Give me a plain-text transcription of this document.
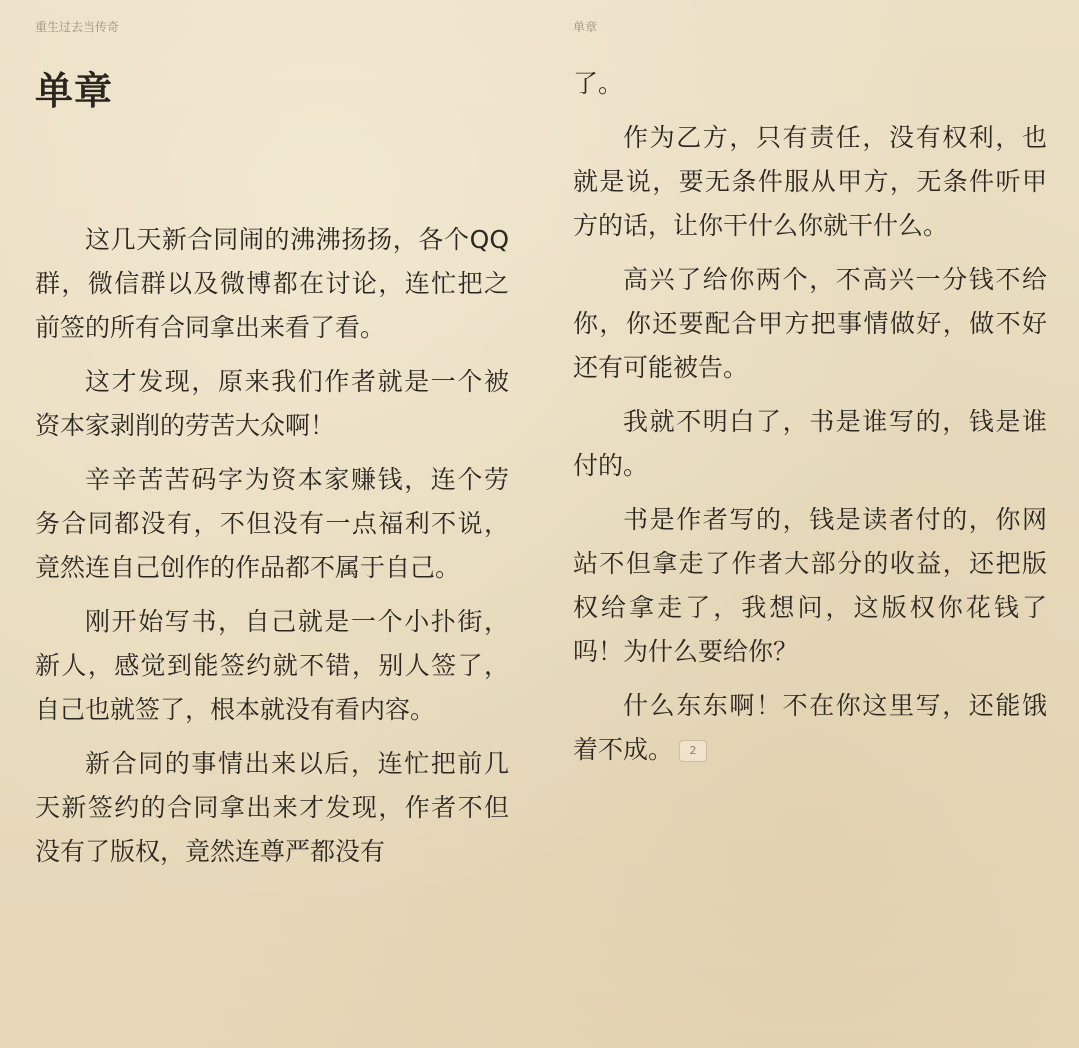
重生过去当传奇
单章

这几天新合同闹的沸沸扬扬，各个QQ群，微信群以及微博都在讨论，连忙把之前签的所有合同拿出来看了看。

这才发现，原来我们作者就是一个被资本家剥削的劳苦大众啊！

辛辛苦苦码字为资本家赚钱，连个劳务合同都没有，不但没有一点福利不说，竟然连自己创作的作品都不属于自己。

刚开始写书，自己就是一个小扑街，新人，感觉到能签约就不错，别人签了，自己也就签了，根本就没有看内容。

新合同的事情出来以后，连忙把前几天新签约的合同拿出来才发现，作者不但没有了版权，竟然连尊严都没有

单章

了。

作为乙方，只有责任，没有权利，也就是说，要无条件服从甲方，无条件听甲方的话，让你干什么你就干什么。

高兴了给你两个，不高兴一分钱不给你，你还要配合甲方把事情做好，做不好还有可能被告。

我就不明白了，书是谁写的，钱是谁付的。

书是作者写的，钱是读者付的，你网站不但拿走了作者大部分的收益，还把版权给拿走了，我想问，这版权你花钱了吗！为什么要给你？

什么东东啊！不在你这里写，还能饿着不成。 2
